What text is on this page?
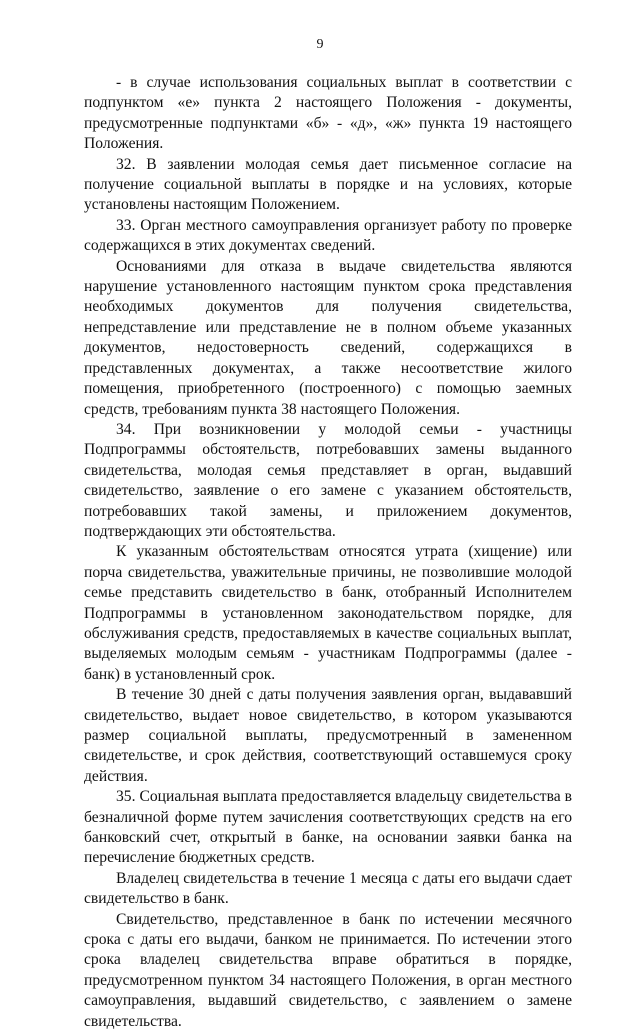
9

- в случае использования социальных выплат в соответствии с подпунктом «е» пункта 2 настоящего Положения - документы, предусмотренные подпунктами «б» - «д», «ж» пункта 19 настоящего Положения.

32. В заявлении молодая семья дает письменное согласие на получение социальной выплаты в порядке и на условиях, которые установлены настоящим Положением.

33. Орган местного самоуправления организует работу по проверке содержащихся в этих документах сведений.

Основаниями для отказа в выдаче свидетельства являются нарушение установленного настоящим пунктом срока представления необходимых документов для получения свидетельства, непредставление или представление не в полном объеме указанных документов, недостоверность сведений, содержащихся в представленных документах, а также несоответствие жилого помещения, приобретенного (построенного) с помощью заемных средств, требованиям пункта 38 настоящего Положения.

34. При возникновении у молодой семьи - участницы Подпрограммы обстоятельств, потребовавших замены выданного свидетельства, молодая семья представляет в орган, выдавший свидетельство, заявление о его замене с указанием обстоятельств, потребовавших такой замены, и приложением документов, подтверждающих эти обстоятельства.

К указанным обстоятельствам относятся утрата (хищение) или порча свидетельства, уважительные причины, не позволившие молодой семье представить свидетельство в банк, отобранный Исполнителем Подпрограммы в установленном законодательством порядке, для обслуживания средств, предоставляемых в качестве социальных выплат, выделяемых молодым семьям - участникам Подпрограммы (далее - банк) в установленный срок.

В течение 30 дней с даты получения заявления орган, выдававший свидетельство, выдает новое свидетельство, в котором указываются размер социальной выплаты, предусмотренный в замененном свидетельстве, и срок действия, соответствующий оставшемуся сроку действия.

35. Социальная выплата предоставляется владельцу свидетельства в безналичной форме путем зачисления соответствующих средств на его банковский счет, открытый в банке, на основании заявки банка на перечисление бюджетных средств.

Владелец свидетельства в течение 1 месяца с даты его выдачи сдает свидетельство в банк.

Свидетельство, представленное в банк по истечении месячного срока с даты его выдачи, банком не принимается. По истечении этого срока владелец свидетельства вправе обратиться в порядке, предусмотренном пунктом 34 настоящего Положения, в орган местного самоуправления, выдавший свидетельство, с заявлением о замене свидетельства.
